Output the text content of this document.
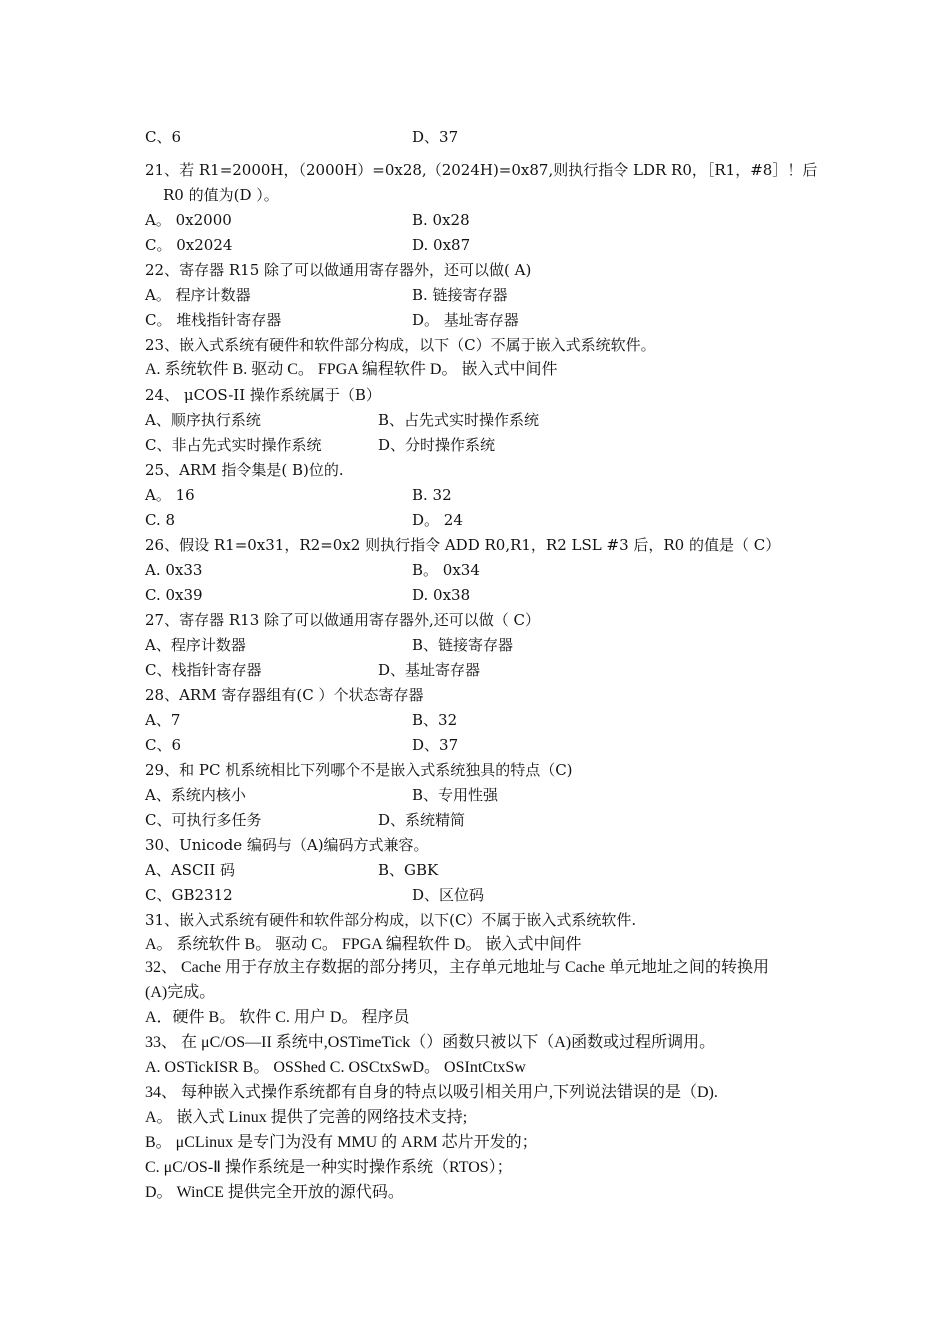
C、6	D、37
21、若 R1=2000H，（2000H）=0x28,（2024H)=0x87,则执行指令 LDR R0，［R1，#8］！后
R0 的值为(D ）。
A。 0x2000	B. 0x28
C。 0x2024	D. 0x87
22、寄存器 R15 除了可以做通用寄存器外，还可以做( A)
A。 程序计数器	B. 链接寄存器
C。 堆栈指针寄存器	D。 基址寄存器
23、嵌入式系统有硬件和软件部分构成，以下（C）不属于嵌入式系统软件。
A. 系统软件 B. 驱动 C。 FPGA 编程软件 D。 嵌入式中间件
24、 μCOS-II 操作系统属于（B）
A、顺序执行系统	B、占先式实时操作系统
C、非占先式实时操作系统	D、分时操作系统
25、ARM 指令集是( B)位的.
A。 16	B. 32
C. 8	D。 24
26、假设 R1=0x31，R2=0x2 则执行指令 ADD R0,R1，R2 LSL #3 后，R0 的值是（ C）
A. 0x33	B。 0x34
C. 0x39	D. 0x38
27、寄存器 R13 除了可以做通用寄存器外,还可以做（ C）
A、程序计数器	B、链接寄存器
C、栈指针寄存器	D、基址寄存器
28、ARM 寄存器组有(C ）个状态寄存器
A、7	B、32
C、6	D、37
29、和 PC 机系统相比下列哪个不是嵌入式系统独具的特点（C)
A、系统内核小	B、专用性强
C、可执行多任务	D、系统精简
30、Unicode 编码与（A)编码方式兼容。
A、ASCII 码	B、GBK
C、GB2312	D、区位码
31、嵌入式系统有硬件和软件部分构成，以下(C）不属于嵌入式系统软件.
A。 系统软件 B。 驱动 C。 FPGA 编程软件 D。 嵌入式中间件
32、 Cache 用于存放主存数据的部分拷贝，主存单元地址与 Cache 单元地址之间的转换用
(A)完成。
A．硬件 B。 软件 C. 用户 D。 程序员
33、 在 μC/OS—II 系统中,OSTimeTick（）函数只被以下（A)函数或过程所调用。
A. OSTickISR B。 OSShed C. OSCtxSwD。 OSIntCtxSw
34、 每种嵌入式操作系统都有自身的特点以吸引相关用户,下列说法错误的是（D).
A。 嵌入式 Linux 提供了完善的网络技术支持;
B。 μCLinux 是专门为没有 MMU 的 ARM 芯片开发的；
C. μC/OS-Ⅱ 操作系统是一种实时操作系统（RTOS）；
D。 WinCE 提供完全开放的源代码。
